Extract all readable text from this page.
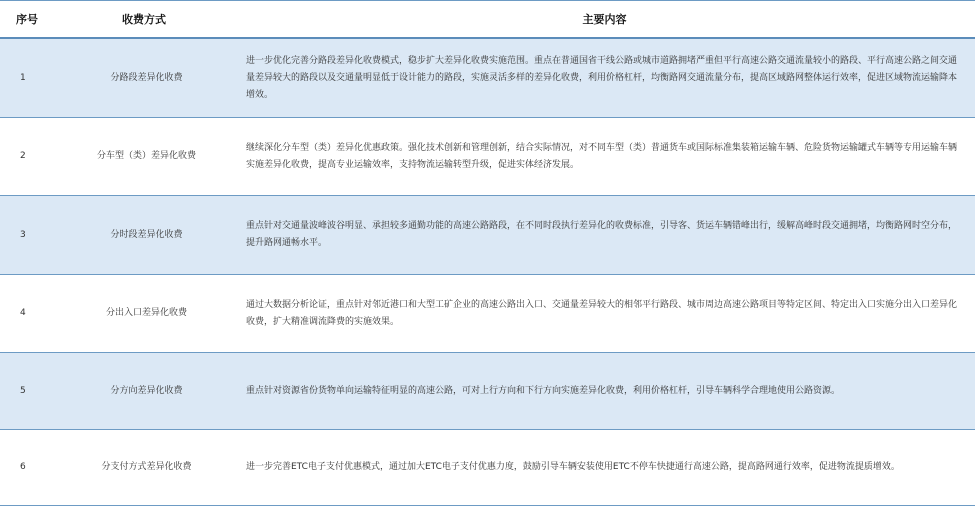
序号	收费方式	主要内容
1	分路段差异化收费	进一步优化完善分路段差异化收费模式，稳步扩大差异化收费实施范围。重点在普通国省干线公路或城市道路拥堵严重但平行高速公路交通流量较小的路段、平行高速公路之间交通量差异较大的路段以及交通量明显低于设计能力的路段，实施灵活多样的差异化收费，利用价格杠杆，均衡路网交通流量分布，提高区域路网整体运行效率，促进区域物流运输降本增效。
2	分车型（类）差异化收费	继续深化分车型（类）差异化优惠政策。强化技术创新和管理创新，结合实际情况，对不同车型（类）普通货车或国际标准集装箱运输车辆、危险货物运输罐式车辆等专用运输车辆实施差异化收费，提高专业运输效率，支持物流运输转型升级，促进实体经济发展。
3	分时段差异化收费	重点针对交通量波峰波谷明显、承担较多通勤功能的高速公路路段，在不同时段执行差异化的收费标准，引导客、货运车辆错峰出行，缓解高峰时段交通拥堵，均衡路网时空分布，提升路网通畅水平。
4	分出入口差异化收费	通过大数据分析论证，重点针对邻近港口和大型工矿企业的高速公路出入口、交通量差异较大的相邻平行路段、城市周边高速公路项目等特定区间、特定出入口实施分出入口差异化收费，扩大精准调流降费的实施效果。
5	分方向差异化收费	重点针对资源省份货物单向运输特征明显的高速公路，可对上行方向和下行方向实施差异化收费，利用价格杠杆，引导车辆科学合理地使用公路资源。
6	分支付方式差异化收费	进一步完善ETC电子支付优惠模式，通过加大ETC电子支付优惠力度，鼓励引导车辆安装使用ETC不停车快捷通行高速公路，提高路网通行效率，促进物流提质增效。
